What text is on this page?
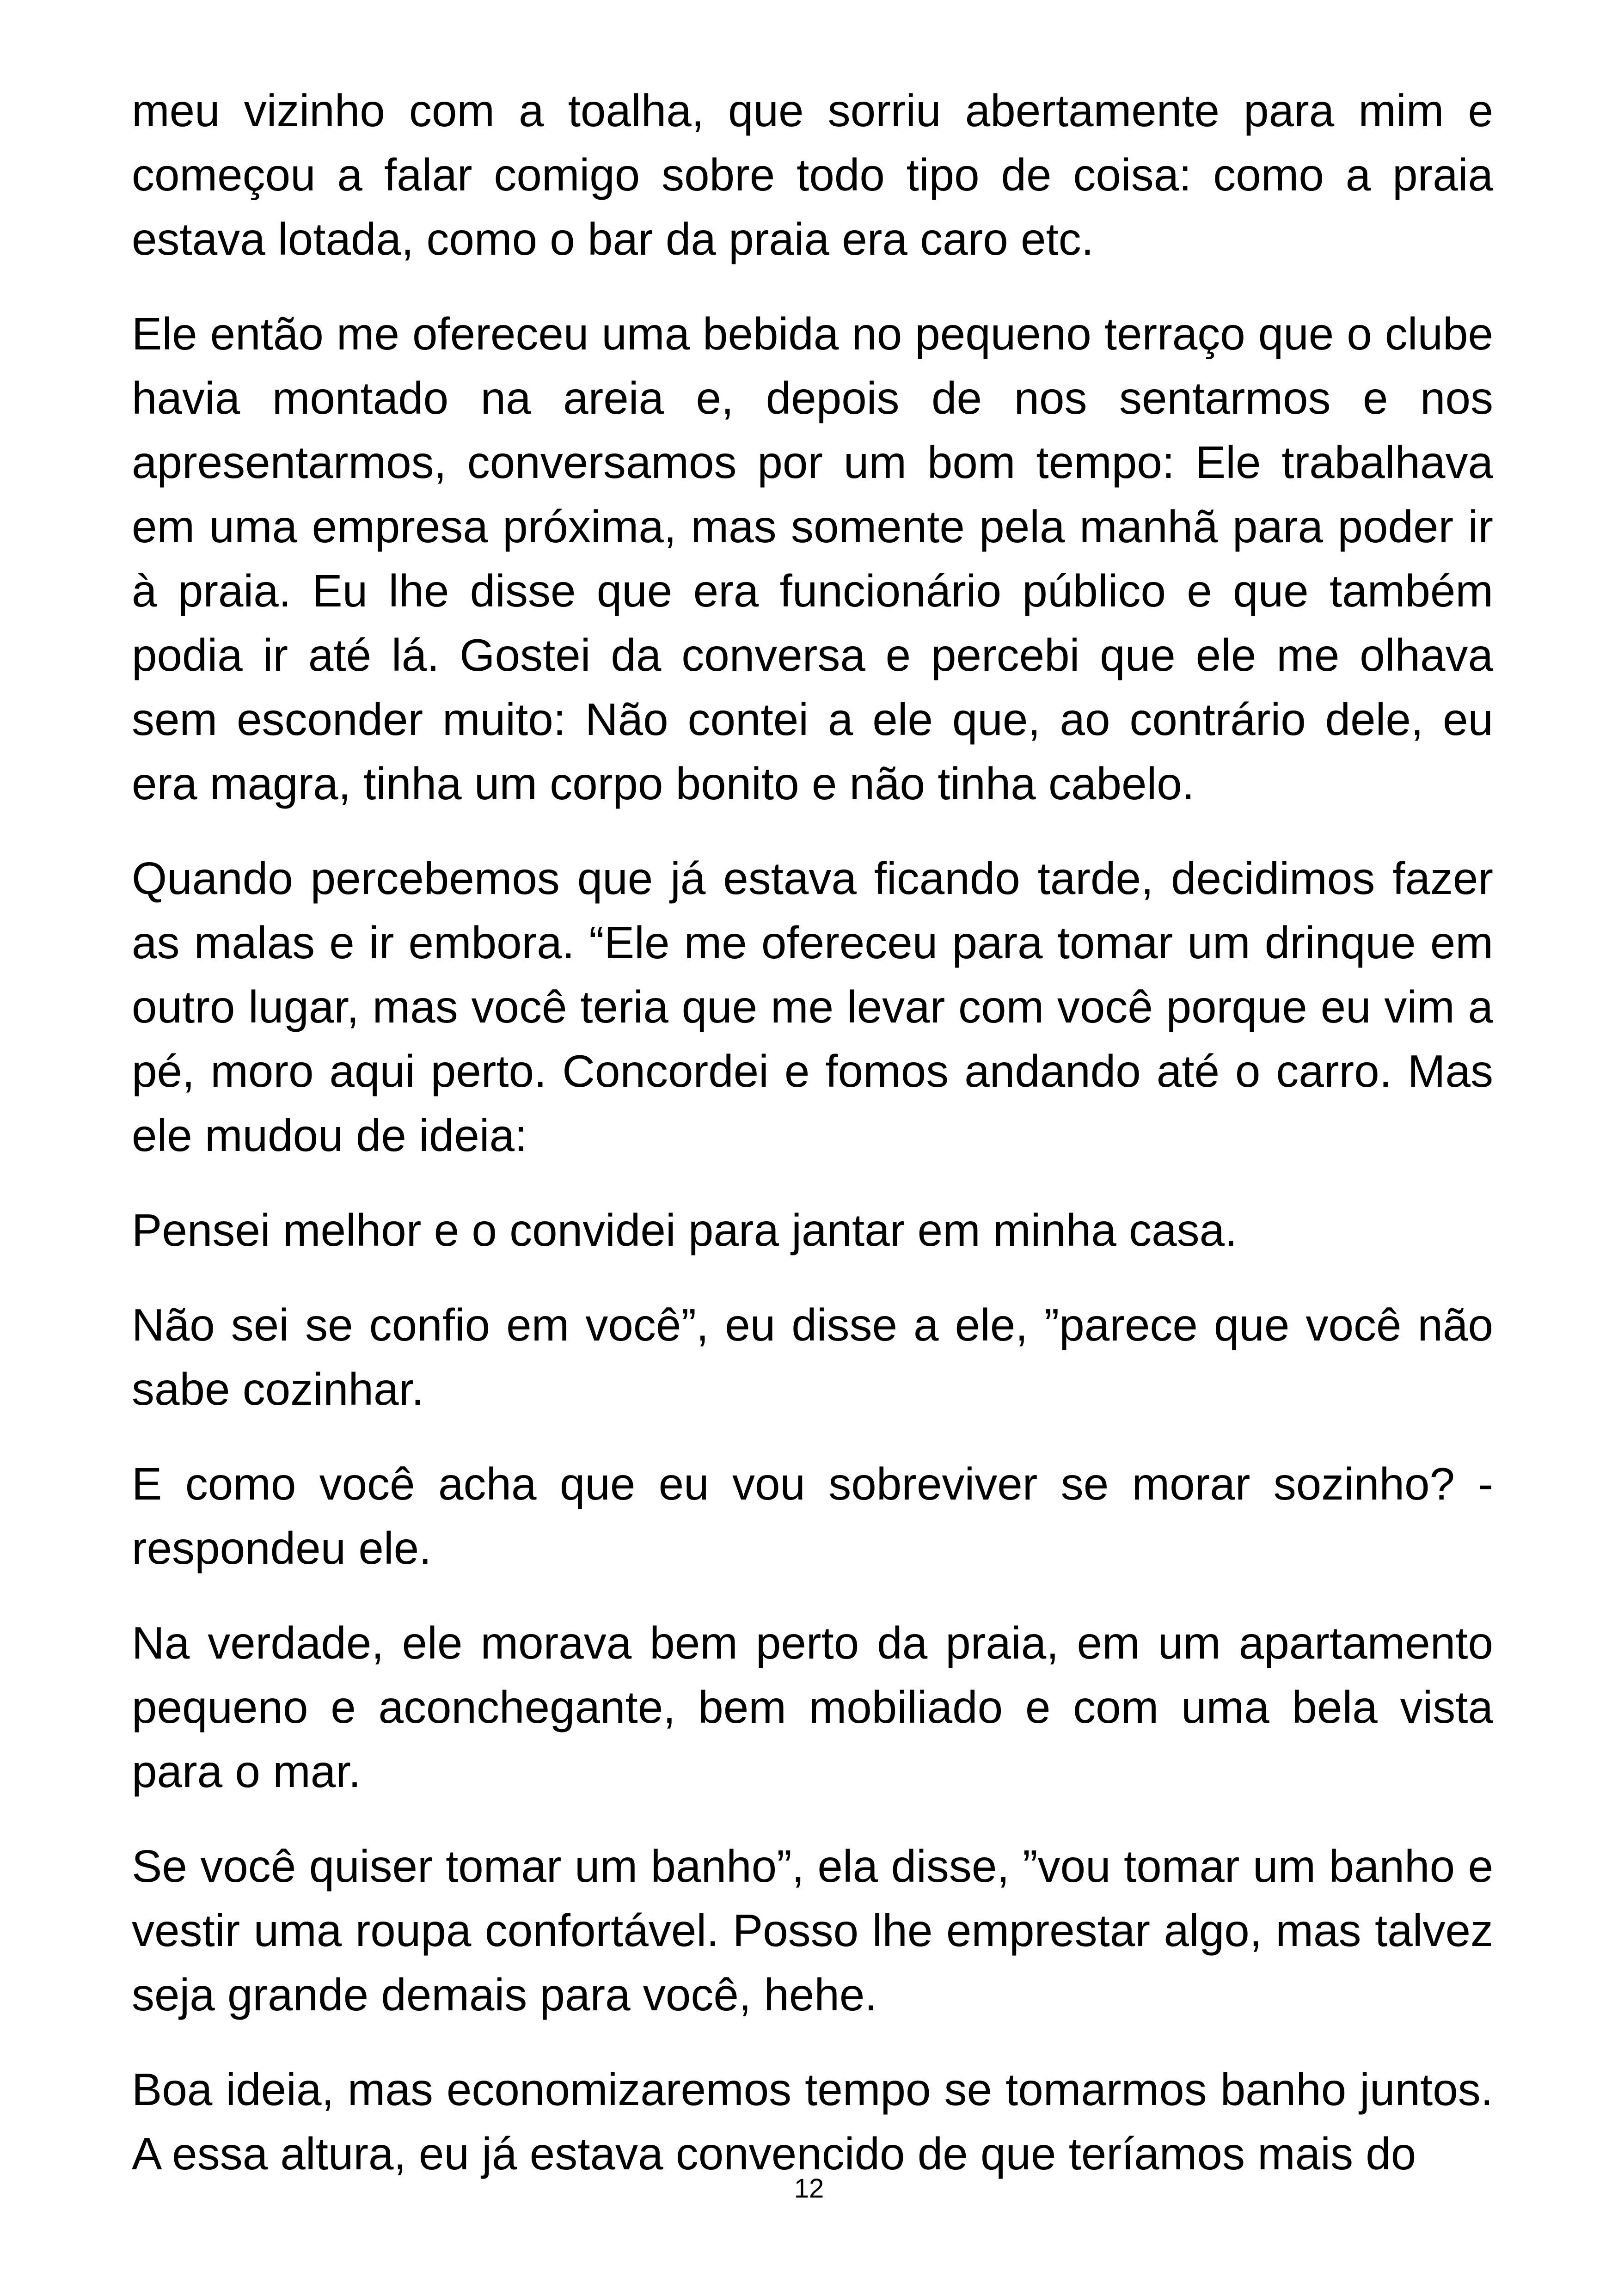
meu vizinho com a toalha, que sorriu abertamente para mim e começou a falar comigo sobre todo tipo de coisa: como a praia estava lotada, como o bar da praia era caro etc.

Ele então me ofereceu uma bebida no pequeno terraço que o clube havia montado na areia e, depois de nos sentarmos e nos apresentarmos, conversamos por um bom tempo: Ele trabalhava em uma empresa próxima, mas somente pela manhã para poder ir à praia. Eu lhe disse que era funcionário público e que também podia ir até lá. Gostei da conversa e percebi que ele me olhava sem esconder muito: Não contei a ele que, ao contrário dele, eu era magra, tinha um corpo bonito e não tinha cabelo.

Quando percebemos que já estava ficando tarde, decidimos fazer as malas e ir embora. “Ele me ofereceu para tomar um drinque em outro lugar, mas você teria que me levar com você porque eu vim a pé, moro aqui perto. Concordei e fomos andando até o carro. Mas ele mudou de ideia:

Pensei melhor e o convidei para jantar em minha casa.

Não sei se confio em você”, eu disse a ele, ”parece que você não sabe cozinhar.

E como você acha que eu vou sobreviver se morar sozinho? - respondeu ele.

Na verdade, ele morava bem perto da praia, em um apartamento pequeno e aconchegante, bem mobiliado e com uma bela vista para o mar.

Se você quiser tomar um banho”, ela disse, ”vou tomar um banho e vestir uma roupa confortável. Posso lhe emprestar algo, mas talvez seja grande demais para você, hehe.

Boa ideia, mas economizaremos tempo se tomarmos banho juntos. A essa altura, eu já estava convencido de que teríamos mais do

12
